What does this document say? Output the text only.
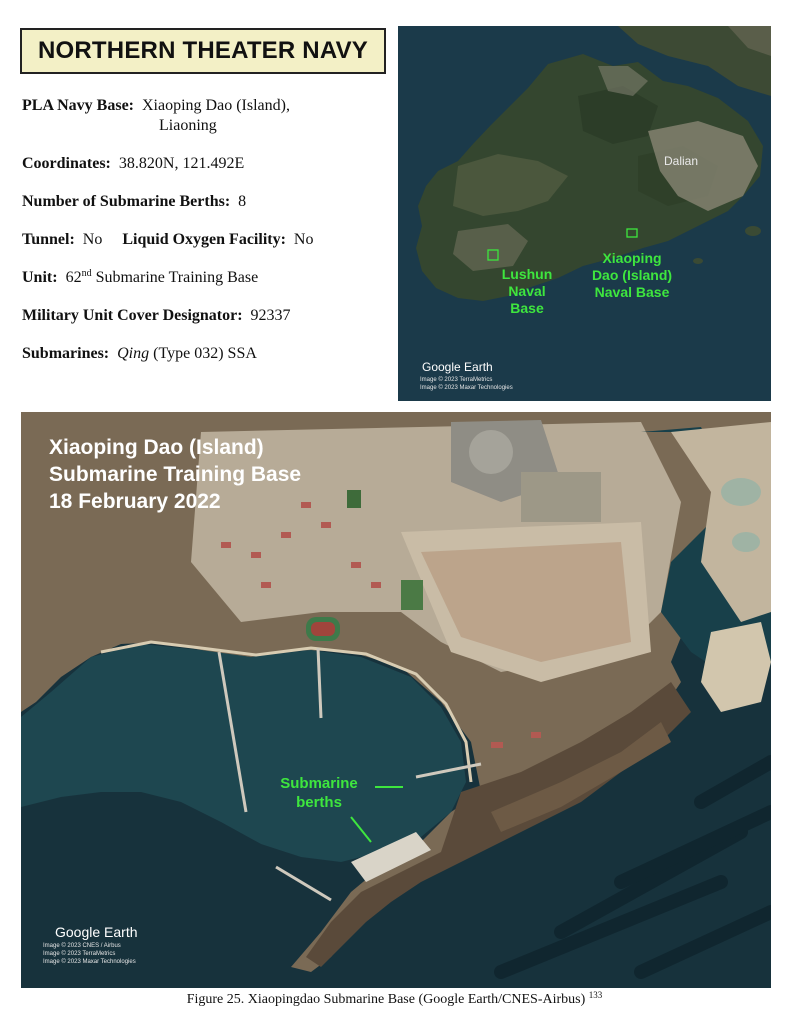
NORTHERN THEATER NAVY
PLA Navy Base: Xiaoping Dao (Island),
Liaoning
Coordinates: 38.820N, 121.492E
Number of Submarine Berths: 8
Tunnel: No Liquid Oxygen Facility: No
Unit: 62nd Submarine Training Base
Military Unit Cover Designator: 92337
Submarines: Qing (Type 032) SSA
Dalian
Lushun
Naval
Base
Xiaoping
Dao (Island)
Naval Base
Google Earth
Image © 2023 TerraMetrics
Image © 2023 Maxar Technologies
Xiaoping Dao (Island)
Submarine Training Base
18 February 2022
Submarine
berths
Google Earth
Image © 2023 CNES / Airbus
Image © 2023 TerraMetrics
Image © 2023 Maxar Technologies
Figure 25. Xiaopingdao Submarine Base (Google Earth/CNES-Airbus) $^{133}$
